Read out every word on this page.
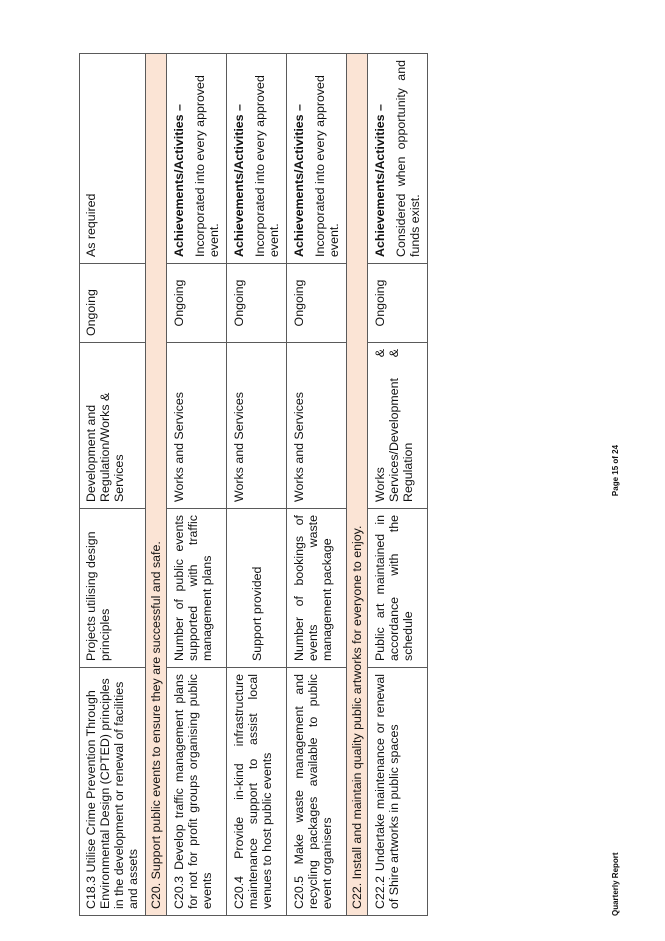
C18.3 Utilise Crime Prevention Through Environmental Design (CPTED) principles in the development or renewal of facilities and assets	Projects utilising design principles	Development and Regulation/Works & Services	Ongoing	As required
C20. Support public events to ensure they are successful and safe.				
C20.3 Develop traffic management plans for not for profit groups organising public events	Number of public events supported with traffic management plans	Works and Services	Ongoing	Achievements/Activities – Incorporated into every approved event.
C20.4 Provide in-kind infrastructure maintenance support to assist local venues to host public events	Support provided	Works and Services	Ongoing	Achievements/Activities – Incorporated into every approved event.
C20.5 Make waste management and recycling packages available to public event organisers	Number of bookings of events waste management package	Works and Services	Ongoing	Achievements/Activities – Incorporated into every approved event.
C22. Install and maintain quality public artworks for everyone to enjoy.				
C22.2 Undertake maintenance or renewal of Shire artworks in public spaces	Public art maintained in accordance with the schedule	Works & Services/Development & Regulation	Ongoing	Achievements/Activities – Considered when opportunity and funds exist.
Quarterly Report
Page 15 of 24
